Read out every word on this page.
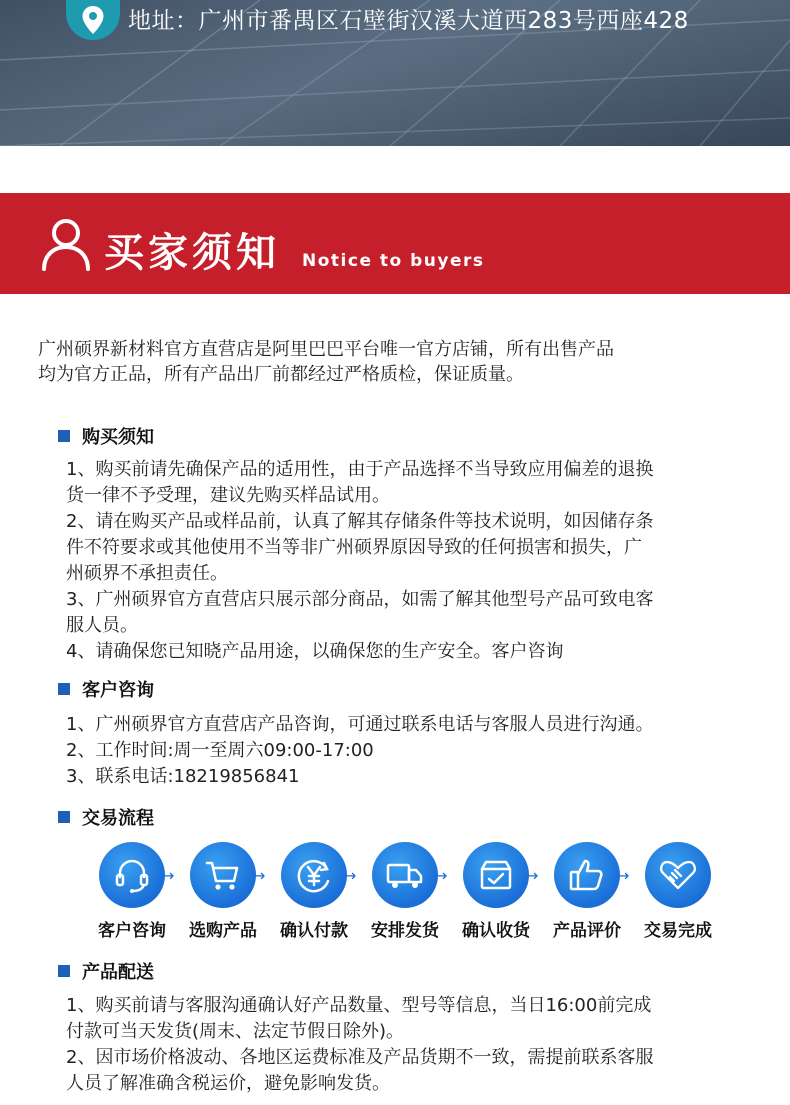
地址：广州市番禺区石壁街汉溪大道西283号西座428
买家须知 Notice to buyers
广州硕界新材料官方直营店是阿里巴巴平台唯一官方店铺，所有出售产品
均为官方正品，所有产品出厂前都经过严格质检，保证质量。
购买须知

1、购买前请先确保产品的适用性，由于产品选择不当导致应用偏差的退换

货一律不予受理，建议先购买样品试用。

2、请在购买产品或样品前，认真了解其存储条件等技术说明，如因储存条

件不符要求或其他使用不当等非广州硕界原因导致的任何损害和损失，广

州硕界不承担责任。

3、广州硕界官方直营店只展示部分商品，如需了解其他型号产品可致电客

服人员。

4、请确保您已知晓产品用途，以确保您的生产安全。客户咨询

客户咨询

1、广州硕界官方直营店产品咨询，可通过联系电话与客服人员进行沟通。

2、工作时间:周一至周六09:00-17:00

3、联系电话:18219856841

交易流程
客户咨询
→
选购产品
→
确认付款
→
安排发货
→
确认收货
→
产品评价
→
交易完成
产品配送

1、购买前请与客服沟通确认好产品数量、型号等信息，当日16:00前完成

付款可当天发货(周末、法定节假日除外)。

2、因市场价格波动、各地区运费标准及产品货期不一致，需提前联系客服

人员了解准确含税运价，避免影响发货。
